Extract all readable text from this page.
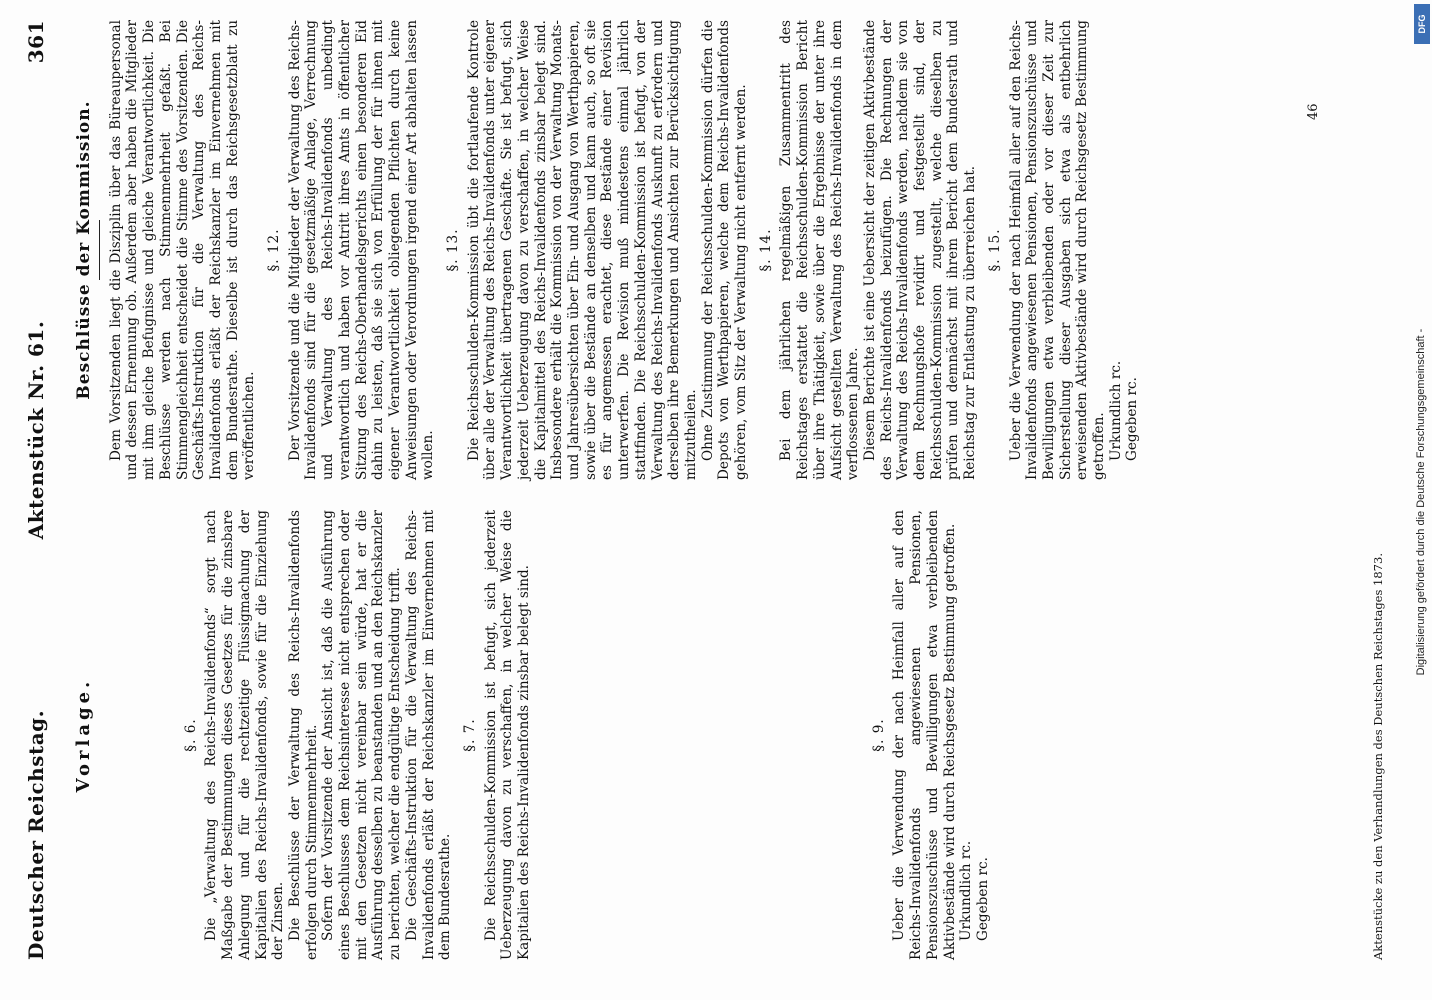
Deutscher Reichstag.
Aktenstück Nr. 61.
361
Vorlage.	§. 6. Die „Verwaltung des Reichs-Invalidenfonds“ sorgt nach Maßgabe der Bestimmungen dieses Gesetzes für die zinsbare Anlegung und für die rechtzeitige Flüssigmachung der Kapitalien des Reichs-Invalidenfonds, sowie für die Einziehung der Zinsen. Die Beschlüsse der Verwaltung des Reichs-Invalidenfonds erfolgen durch Stimmenmehrheit. Sofern der Vorsitzende der Ansicht ist, daß die Ausführung eines Beschlusses dem Reichsinteresse nicht entsprechen oder mit den Gesetzen nicht vereinbar sein würde, hat er die Ausführung desselben zu beanstanden und an den Reichskanzler zu berichten, welcher die endgültige Entscheidung trifft. Die Geschäfts-Instruktion für die Verwaltung des Reichs-Invalidenfonds erläßt der Reichskanzler im Einvernehmen mit dem Bundesrathe.

§. 7. Die Reichsschulden-Kommission ist befugt, sich jederzeit Ueberzeugung davon zu verschaffen, in welcher Weise die Kapitalien des Reichs-Invalidenfonds zinsbar belegt sind.	§. 9. Ueber die Verwendung der nach Heimfall aller auf den Reichs-Invalidenfonds angewiesenen Pensionen, Pensionszuschüsse und Bewilligungen etwa verbleibenden Aktivbestände wird durch Reichsgesetz Bestimmung getroffen. Urkundlich rc. Gegeben rc.

Beschlüsse der Kommission. Dem Vorsitzenden liegt die Disziplin über das Büreaupersonal und dessen Ernennung ob. Außerdem aber haben die Mitglieder mit ihm gleiche Befugnisse und gleiche Verantwortlichkeit. Die Beschlüsse werden nach Stimmenmehrheit gefaßt. Bei Stimmengleichheit entscheidet die Stimme des Vorsitzenden. Die Geschäfts-Instruktion für die Verwaltung des Reichs-Invalidenfonds erläßt der Reichskanzler im Einvernehmen mit dem Bundesrathe. Dieselbe ist durch das Reichsgesetzblatt zu veröffentlichen.

§. 12. Der Vorsitzende und die Mitglieder der Verwaltung des Reichs-Invalidenfonds sind für die gesetzmäßige Anlage, Verrechnung und Verwaltung des Reichs-Invalidenfonds unbedingt verantwortlich und haben vor Antritt ihres Amts in öffentlicher Sitzung des Reichs-Oberhandelsgerichts einen besonderen Eid dahin zu leisten, daß sie sich von Erfüllung der für ihnen mit eigener Verantwortlichkeit obliegenden Pflichten durch keine Anweisungen oder Verordnungen irgend einer Art abhalten lassen wollen.

§. 13. Die Reichsschulden-Kommission übt die fortlaufende Kontrole über alle der Verwaltung des Reichs-Invalidenfonds unter eigener Verantwortlichkeit übertragenen Geschäfte. Sie ist befugt, sich jederzeit Ueberzeugung davon zu verschaffen, in welcher Weise die Kapitalmittel des Reichs-Invalidenfonds zinsbar belegt sind. Insbesondere erhält die Kommission von der Verwaltung Monats- und Jahresübersichten über Ein- und Ausgang von Werthpapieren, sowie über die Bestände an denselben und kann auch, so oft sie es für angemessen erachtet, diese Bestände einer Revision unterwerfen. Die Revision muß mindestens einmal jährlich stattfinden. Die Reichsschulden-Kommission ist befugt, von der Verwaltung des Reichs-Invalidenfonds Auskunft zu erfordern und derselben ihre Bemerkungen und Ansichten zur Berücksichtigung mitzutheilen. Ohne Zustimmung der Reichsschulden-Kommission dürfen die Depots von Werthpapieren, welche dem Reichs-Invalidenfonds gehören, vom Sitz der Verwaltung nicht entfernt werden. §. 14. Bei dem jährlichen regelmäßigen Zusammentritt des Reichstages erstattet die Reichsschulden-Kommission Bericht über ihre Thätigkeit, sowie über die Ergebnisse der unter ihre Aufsicht gestellten Verwaltung des Reichs-Invalidenfonds in dem verflossenen Jahre. Diesem Berichte ist eine Uebersicht der zeitigen Aktivbestände des Reichs-Invalidenfonds beizufügen. Die Rechnungen der Verwaltung des Reichs-Invalidenfonds werden, nachdem sie von dem Rechnungshofe revidirt und festgestellt sind, der Reichsschulden-Kommission zugestellt, welche dieselben zu prüfen und demnächst mit ihrem Bericht dem Bundesrath und Reichstag zur Entlastung zu überreichen hat. §. 15. Ueber die Verwendung der nach Heimfall aller auf den Reichs-Invalidenfonds angewiesenen Pensionen, Pensionszuschüsse und Bewilligungen etwa verbleibenden oder vor dieser Zeit zur Sicherstellung dieser Ausgaben sich etwa als entbehrlich erweisenden Aktivbestände wird durch Reichsgesetz Bestimmung getroffen. Urkundlich rc. Gegeben rc.

Aktenstücke zu den Verhandlungen des Deutschen Reichstages 1873.
46
Digitalisierung gefördert durch die Deutsche Forschungsgemeinschaft -
DFG
